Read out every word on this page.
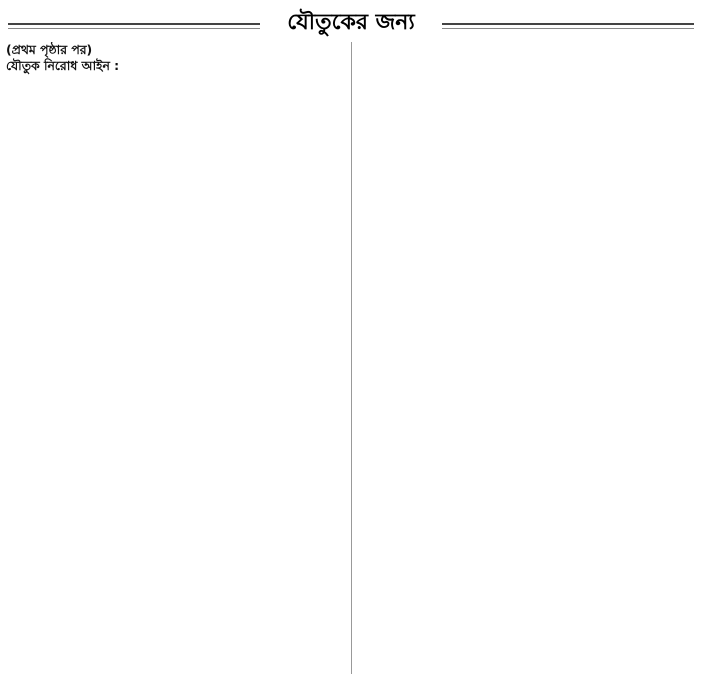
যৌতুকের জন্য

(প্রথম পৃষ্ঠার পর)

যৌতুক নিরোধ আইন :
